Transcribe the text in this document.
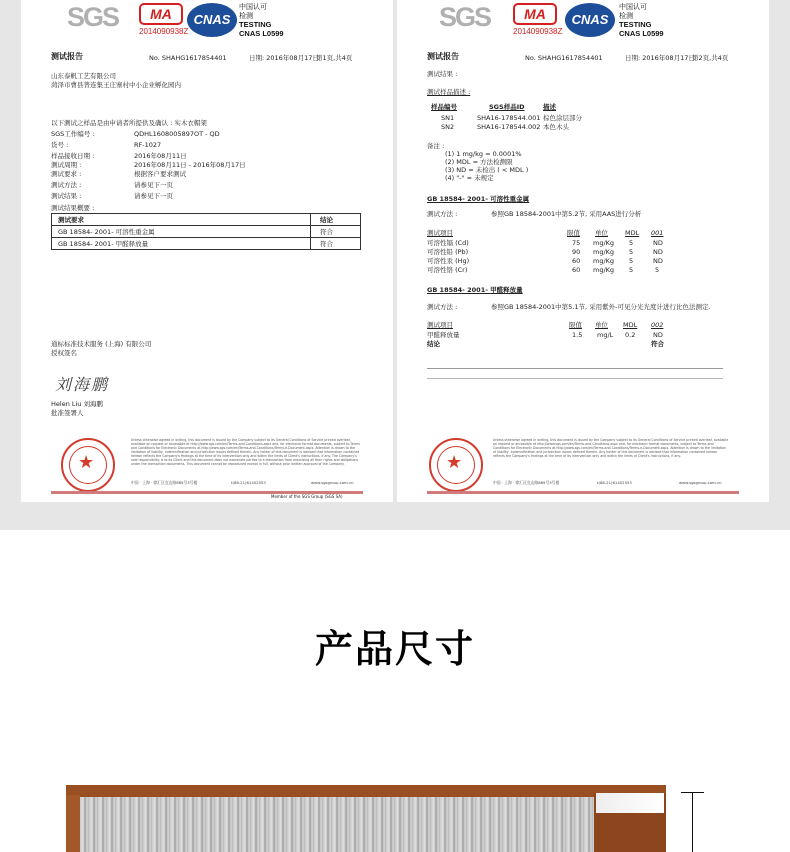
SGS	MA
2014090938Z
CNAS
中国认可
检测

TESTING
CNAS L0599
测试报告	No. SHAHG1617854401	日期: 2016年08月17日
第1页,共4页
山东泰帆工艺有限公司
菏泽市曹县普连集王庄寨村中小企业孵化园内
以下测试之样品是由申请者所提供及确认 : 实木衣帽架
SGS工作编号 :	QDHL1608005897OT - QD
货号 :	RF-1027
样品接收日期 :	2016年08月11日
测试周期 :	2016年08月11日 - 2016年08月17日
测试要求 :	根据客户要求测试
测试方法 :	请参见下一页
测试结果 :	请参见下一页
测试结果概要 :
测试要求	结论
GB 18584- 2001- 可溶性重金属	符合
GB 18584- 2001- 甲醛释放量	符合
通标标准技术服务 (上海) 有限公司
授权签名
刘海鹏
Helen Liu 刘海鹏
批准签署人
★
Unless otherwise agreed in writing, this document is issued by the Company subject to its General Conditions of Service printed overleaf, available on request or accessible at http://www.sgs.com/en/Terms-and-Conditions.aspx and, for electronic format documents, subject to Terms and Conditions for Electronic Documents at http://www.sgs.com/en/Terms-and-Conditions/Terms-e-Document.aspx. Attention is drawn to the limitation of liability, indemnification and jurisdiction issues defined therein. Any holder of this document is advised that information contained hereon reflects the Company's findings at the time of its intervention only and within the limits of Client's instructions, if any. The Company's sole responsibility is to its Client and this document does not exonerate parties to a transaction from exercising all their rights and obligations under the transaction documents. This document cannot be reproduced except in full, without prior written approval of the Company.
中国 · 上海 · 徐汇区宜山路889号3号楼	t(86-21)61402553	www.sgsgroup.com.cn
Member of the SGS Group (SGS SA)
SGS	MA
2014090938Z
CNAS
中国认可
检测

TESTING
CNAS L0599
测试报告	No. SHAHG1617854401	日期: 2016年08月17日
第2页,共4页
测试结果 :
测试样品描述 :
样品编号	SGS样品ID	描述
SN1	SHA16-178544.001 棕色涂层部分
SN2	SHA16-178544.002 本色木头
备注 :
(1) 1 mg/kg = 0.0001%
(2) MDL = 方法检测限
(3) ND = 未检出 ( < MDL )
(4) "-" = 未规定
GB 18584- 2001- 可溶性重金属
测试方法 :	参照GB 18584-2001中第5.2节, 采用AAS进行分析
测试项目	限值 单位	MDL 001
可溶性镉 (Cd)	75 mg/Kg 5	ND
可溶性铅 (Pb)	90 mg/Kg 5	ND
可溶性汞 (Hg)	60 mg/Kg 5	ND
可溶性铬 (Cr)	60 mg/Kg 5	5
GB 18584- 2001- 甲醛释放量
测试方法 :	参照GB 18584-2001中第5.1节, 采用紫外-可见分光光度计进行比色法测定.
测试项目	限值 单位 MDL 002
甲醛释放量	1.5 mg/L 0.2	ND
结论	符合
★
Unless otherwise agreed in writing, this document is issued by the Company subject to its General Conditions of Service printed overleaf, available on request or accessible at http://www.sgs.com/en/Terms-and-Conditions.aspx and, for electronic format documents, subject to Terms and Conditions for Electronic Documents at http://www.sgs.com/en/Terms-and-Conditions/Terms-e-Document.aspx. Attention is drawn to the limitation of liability, indemnification and jurisdiction issues defined therein. Any holder of this document is advised that information contained hereon reflects the Company's findings at the time of its intervention only and within the limits of Client's instructions, if any.
中国 · 上海 · 徐汇区宜山路889号3号楼	t(86-21)61402553	www.sgsgroup.com.cn
产品尺寸
